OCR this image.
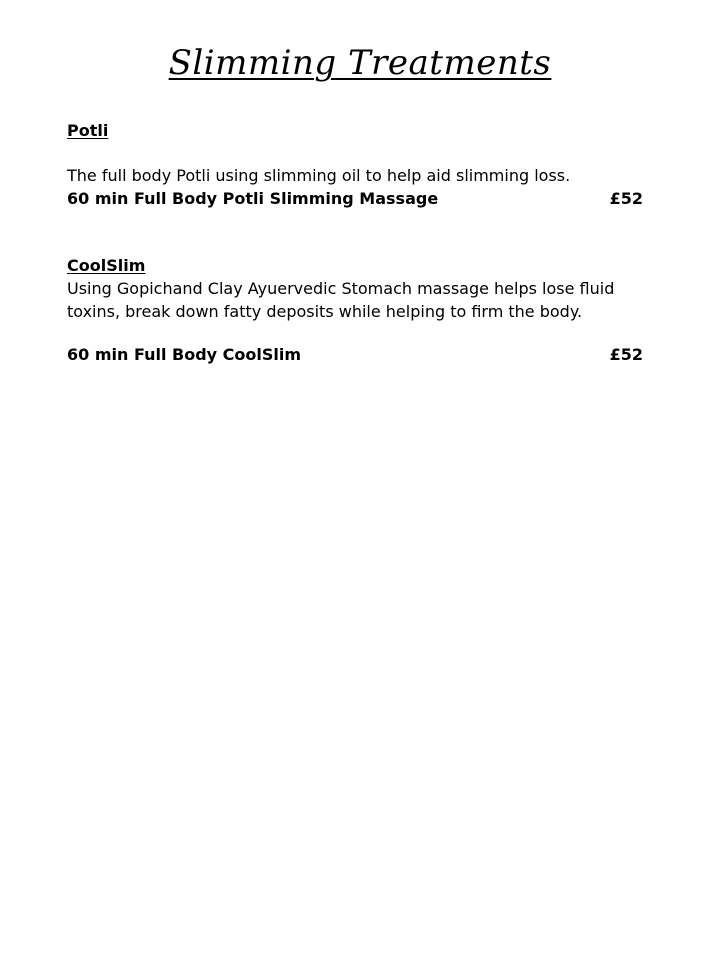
Slimming Treatments

Potli

The full body Potli using slimming oil to help aid slimming loss.

60 min Full Body Potli Slimming Massage	£52

CoolSlim

Using Gopichand Clay Ayuervedic Stomach massage helps lose fluid toxins, break down fatty deposits while helping to firm the body.

60 min Full Body CoolSlim	£52
